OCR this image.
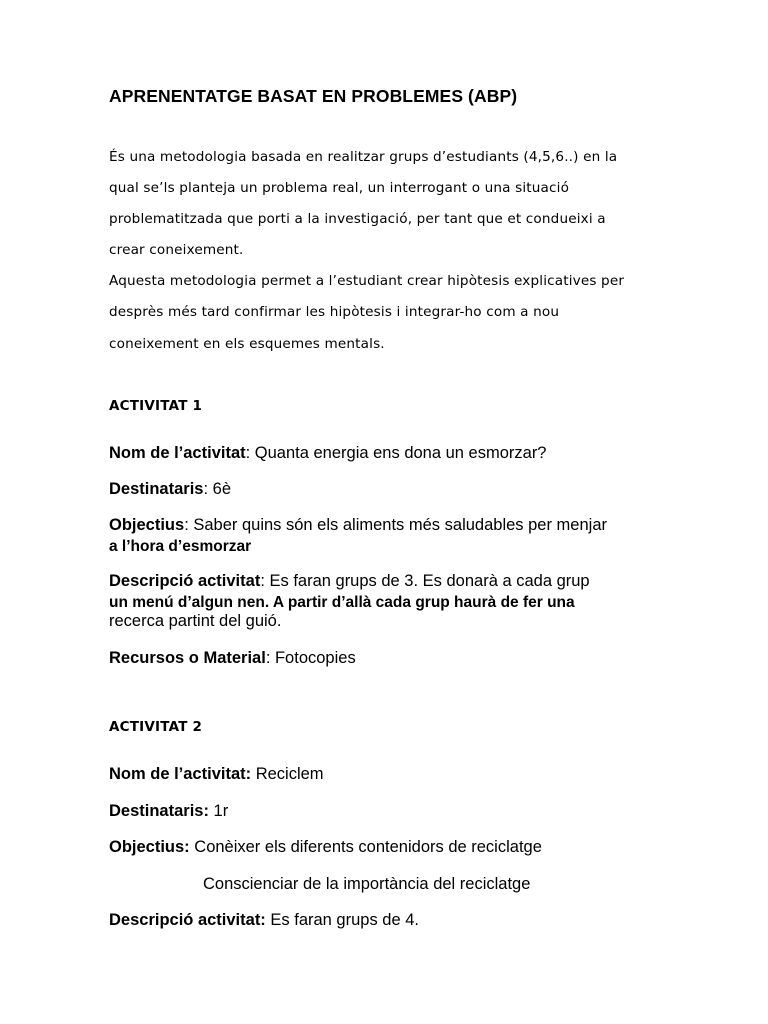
APRENENTATGE BASAT EN PROBLEMES (ABP)
És una metodologia basada en realitzar grups d’estudiants (4,5,6..) en la
qual se’ls planteja un problema real, un interrogant o una situació
problematitzada que porti a la investigació, per tant que et condueixi a
crear coneixement.
Aquesta metodologia permet a l’estudiant crear hipòtesis explicatives per
desprès més tard confirmar les hipòtesis i integrar-ho com a nou
coneixement en els esquemes mentals.
ACTIVITAT 1
Nom de l’activitat: Quanta energia ens dona un esmorzar?
Destinataris: 6è
Objectius: Saber quins són els aliments més saludables per menjar
a l’hora d’esmorzar
Descripció activitat: Es faran grups de 3. Es donarà a cada grup
un menú d’algun nen. A partir d’allà cada grup haurà de fer una
recerca partint del guió.
Recursos o Material: Fotocopies
ACTIVITAT 2
Nom de l’activitat: Reciclem
Destinataris: 1r
Objectius: Conèixer els diferents contenidors de reciclatge
Conscienciar de la importància del reciclatge
Descripció activitat: Es faran grups de 4.
